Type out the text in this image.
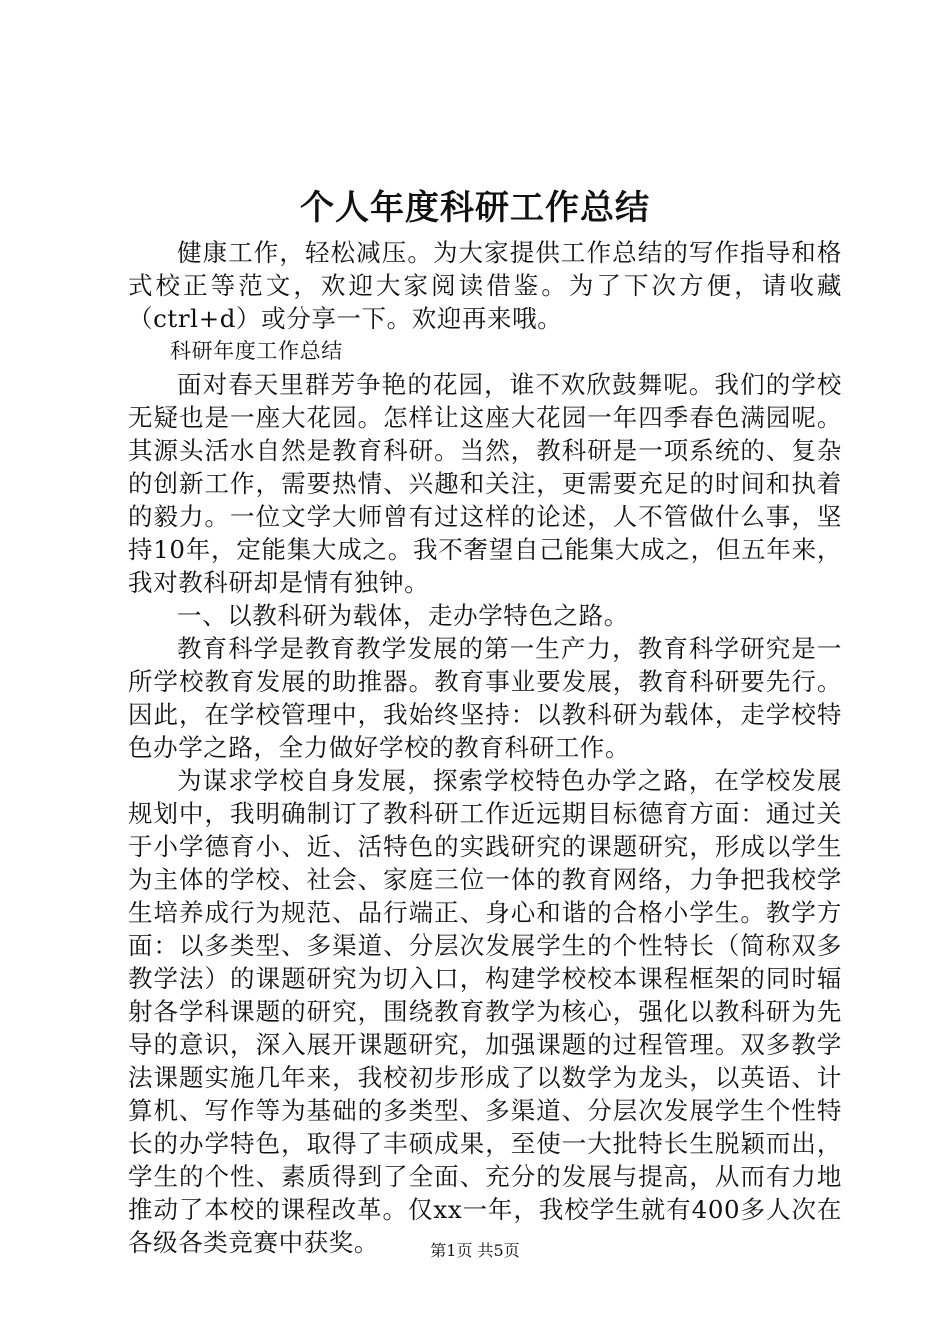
个人年度科研工作总结

健康工作，轻松减压。为大家提供工作总结的写作指导和格式校正等范文，欢迎大家阅读借鉴。为了下次方便，请收藏（ctrl+d）或分享一下。欢迎再来哦。

科研年度工作总结

面对春天里群芳争艳的花园，谁不欢欣鼓舞呢。我们的学校无疑也是一座大花园。怎样让这座大花园一年四季春色满园呢。其源头活水自然是教育科研。当然，教科研是一项系统的、复杂的创新工作，需要热情、兴趣和关注，更需要充足的时间和执着的毅力。一位文学大师曾有过这样的论述，人不管做什么事，坚持10年，定能集大成之。我不奢望自己能集大成之，但五年来，我对教科研却是情有独钟。

一、以教科研为载体，走办学特色之路。

教育科学是教育教学发展的第一生产力，教育科学研究是一所学校教育发展的助推器。教育事业要发展，教育科研要先行。因此，在学校管理中，我始终坚持：以教科研为载体，走学校特色办学之路，全力做好学校的教育科研工作。

为谋求学校自身发展，探索学校特色办学之路，在学校发展规划中，我明确制订了教科研工作近远期目标德育方面：通过关于小学德育小、近、活特色的实践研究的课题研究，形成以学生为主体的学校、社会、家庭三位一体的教育网络，力争把我校学生培养成行为规范、品行端正、身心和谐的合格小学生。教学方面：以多类型、多渠道、分层次发展学生的个性特长（简称双多教学法）的课题研究为切入口，构建学校校本课程框架的同时辐射各学科课题的研究，围绕教育教学为核心，强化以教科研为先导的意识，深入展开课题研究，加强课题的过程管理。双多教学法课题实施几年来，我校初步形成了以数学为龙头，以英语、计算机、写作等为基础的多类型、多渠道、分层次发展学生个性特长的办学特色，取得了丰硕成果，至使一大批特长生脱颖而出，学生的个性、素质得到了全面、充分的发展与提高，从而有力地推动了本校的课程改革。仅xx一年，我校学生就有400多人次在各级各类竞赛中获奖。	第1页 共5页
